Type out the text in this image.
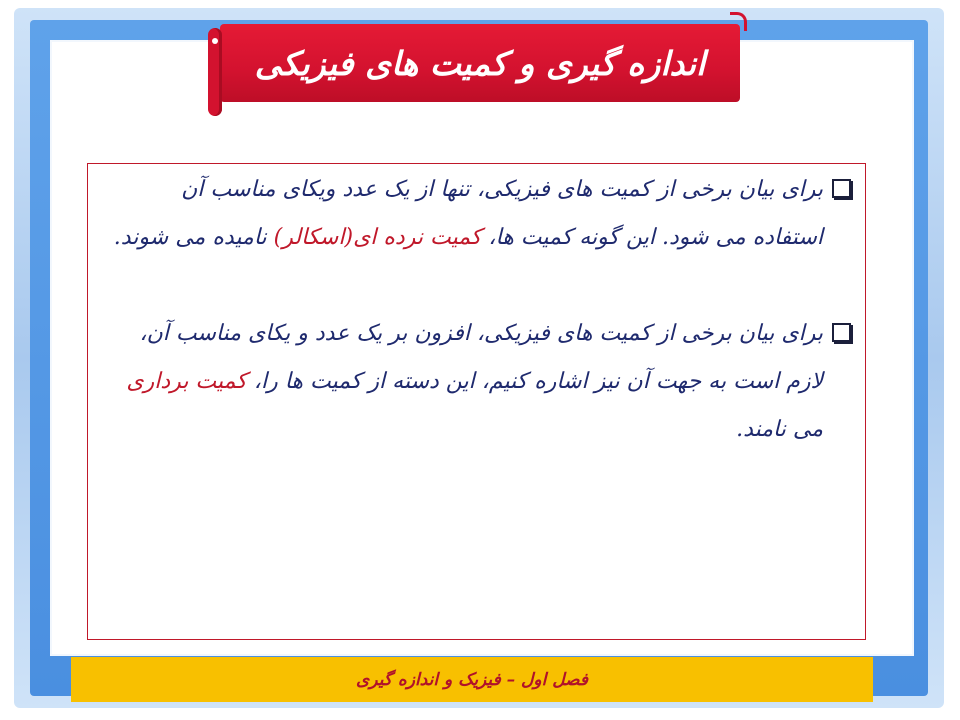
اندازه گیری و کمیت های فیزیکی
برای بیان برخی از کمیت های فیزیکی، تنها از یک عدد ویکای مناسب آن استفاده می شود. این گونه کمیت ها، کمیت نرده ای(اسکالر) نامیده می شوند.
برای بیان برخی از کمیت های فیزیکی، افزون بر یک عدد و یکای مناسب آن، لازم است به جهت آن نیز اشاره کنیم، این دسته از کمیت ها را، کمیت برداری می نامند.
فصل اول – فیزیک و اندازه گیری
